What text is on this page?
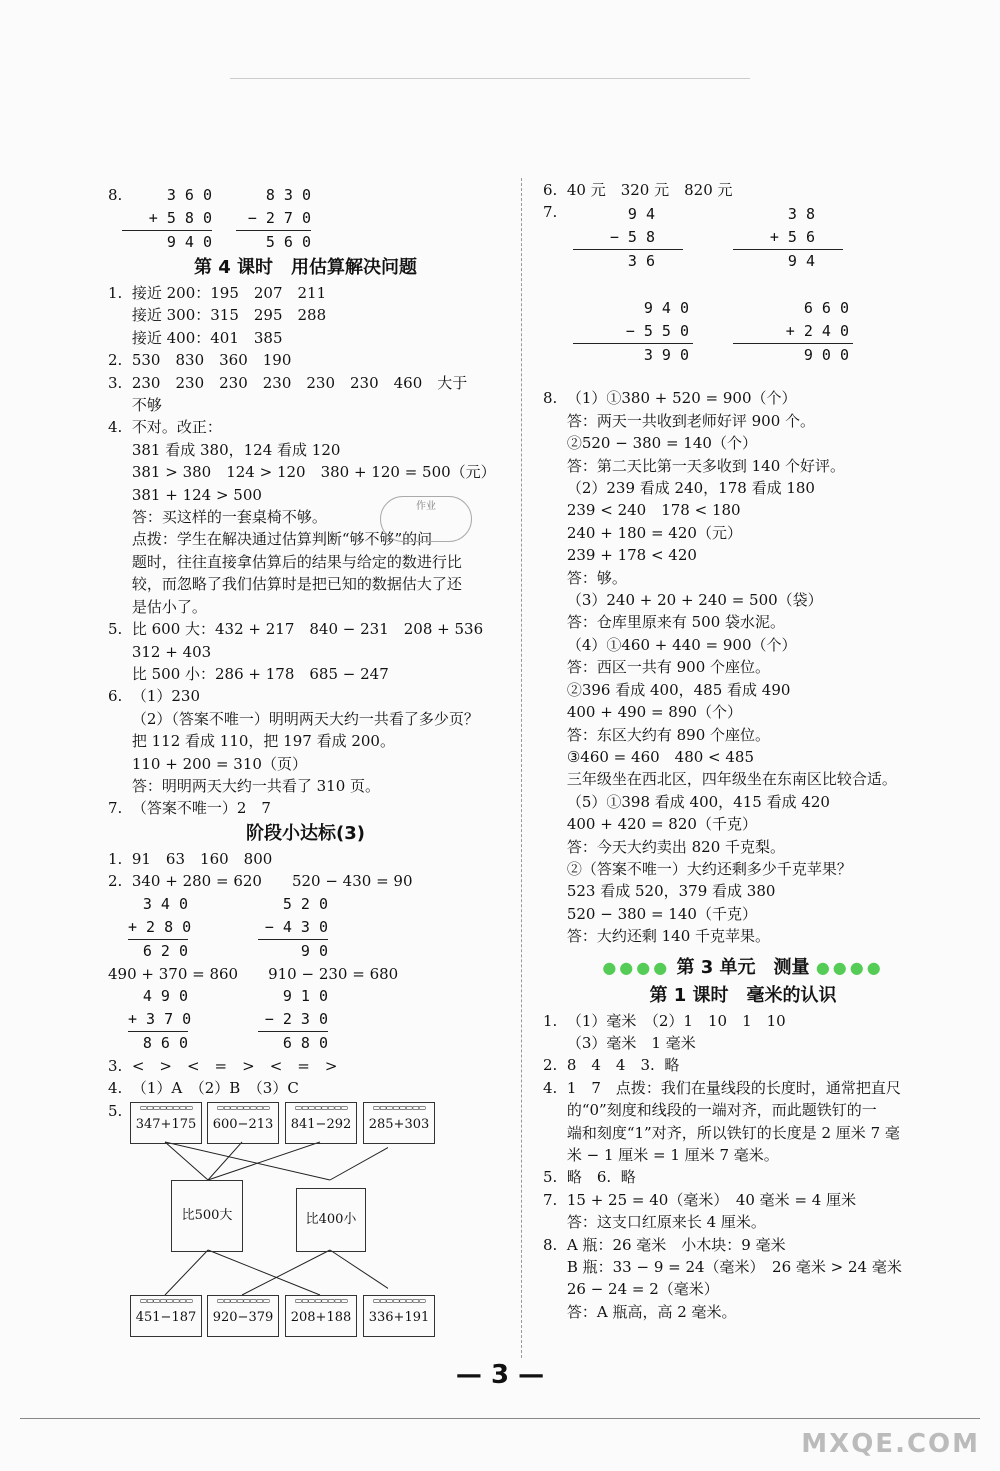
8.	3 6 0
+ 5 8 0
9 4 0
8 3 0
− 2 7 0
5 6 0
第 4 课时　用估算解决问题
1.  接近 200：195　207　211
接近 300：315　295　288
接近 400：401　385
2.  530　830　360　190
3.  230　230　230　230　230　230　460　大于
不够
4.  不对。改正：
381 看成 380，124 看成 120
381 > 380　124 > 120　380 + 120 = 500（元）
381 + 124 > 500
答：买这样的一套桌椅不够。
点拨：学生在解决通过估算判断“够不够”的问
题时，往往直接拿估算后的结果与给定的数进行比
较，而忽略了我们估算时是把已知的数据估大了还
是估小了。
5.  比 600 大：432 + 217　840 − 231　208 + 536
312 + 403
比 500 小：286 + 178　685 − 247
6.  （1）230
（2）（答案不唯一）明明两天大约一共看了多少页？
把 112 看成 110，把 197 看成 200。
110 + 200 = 310（页）
答：明明两天大约一共看了 310 页。
7.  （答案不唯一）2　7
阶段小达标(3)
1.  91　63　160　800
2.  340 + 280 = 620　　520 − 430 = 90
3 4 0
+ 2 8 0
6 2 0
5 2 0
− 4 3 0
9 0
490 + 370 = 860　　910 − 230 = 680
4 9 0
+ 3 7 0
8 6 0
9 1 0
− 2 3 0
6 8 0
3.  <　>　<　=　>　<　=　>
4.  （1）A　（2）B　（3）C
5.	▭▭▭▭▭▭▭▭
347+175
▭▭▭▭▭▭▭▭
600−213
▭▭▭▭▭▭▭▭
841−292
▭▭▭▭▭▭▭▭
285+303
比500大	比400小
▭▭▭▭▭▭▭▭
451−187
▭▭▭▭▭▭▭▭
920−379
▭▭▭▭▭▭▭▭
208+188
▭▭▭▭▭▭▭▭
336+191
6.  40 元　320 元　820 元
7.	9 4
− 5 8
3 6
3 8
+ 5 6
9 4
9 4 0
− 5 5 0
3 9 0
6 6 0
+ 2 4 0
9 0 0
8.  （1）①380 + 520 = 900（个）
答：两天一共收到老师好评 900 个。
②520 − 380 = 140（个）
答：第二天比第一天多收到 140 个好评。
（2）239 看成 240，178 看成 180
239 < 240　178 < 180
240 + 180 = 420（元）
239 + 178 < 420
答：够。
（3）240 + 20 + 240 = 500（袋）
答：仓库里原来有 500 袋水泥。
（4）①460 + 440 = 900（个）
答：西区一共有 900 个座位。
②396 看成 400，485 看成 490
400 + 490 = 890（个）
答：东区大约有 890 个座位。
③460 = 460　480 < 485
三年级坐在西北区，四年级坐在东南区比较合适。
（5）①398 看成 400，415 看成 420
400 + 420 = 820（千克）
答：今天大约卖出 820 千克梨。
②（答案不唯一）大约还剩多少千克苹果？
523 看成 520，379 看成 380
520 − 380 = 140（千克）
答：大约还剩 140 千克苹果。
●●●● 第 3 单元　测量 ●●●●
第 1 课时　毫米的认识
1.  （1）毫米　（2）1　10　1　10
（3）毫米　1 毫米
2.  8　4　4　3.  略
4.  1　7　点拨：我们在量线段的长度时，通常把直尺
的“0”刻度和线段的一端对齐，而此题铁钉的一
端和刻度“1”对齐，所以铁钉的长度是 2 厘米 7 毫
米 − 1 厘米 = 1 厘米 7 毫米。
5.  略　6.  略
7.  15 + 25 = 40（毫米）　40 毫米 = 4 厘米
答：这支口红原来长 4 厘米。
8.  A 瓶：26 毫米　小木块：9 毫米
B 瓶：33 − 9 = 24（毫米）　26 毫米 > 24 毫米
26 − 24 = 2（毫米）
答：A 瓶高，高 2 毫米。
作业
— 3 —
MXQE.COM
